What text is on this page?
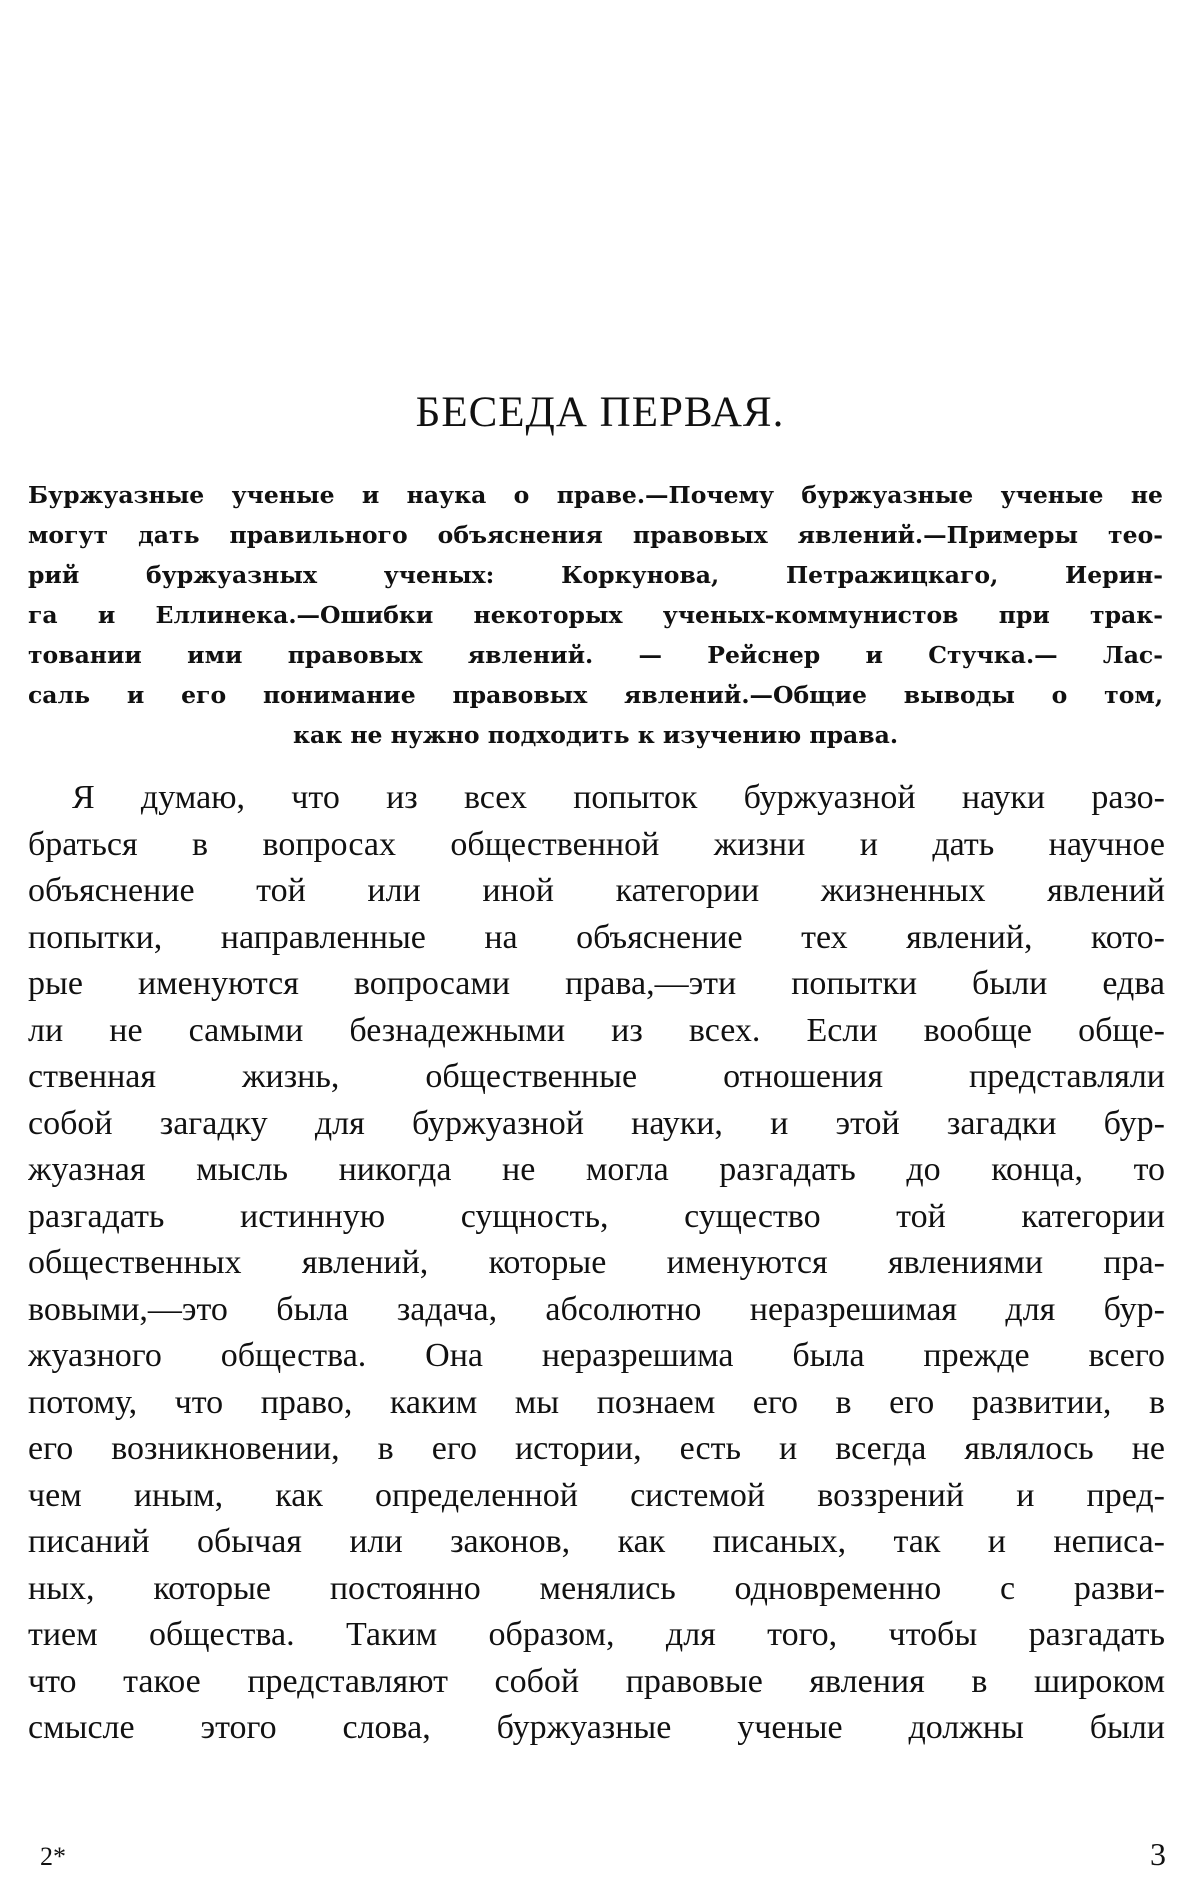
БЕСЕДА ПЕРВАЯ.
Буржуазные ученые и наука о праве.—Почему буржуазные ученые не
могут дать правильного объяснения правовых явлений.—Примеры тео-
рий буржуазных ученых: Коркунова, Петражицкаго, Иерин-
га и Еллинека.—Ошибки некоторых ученых-коммунистов при трак-
товании ими правовых явлений. — Рейснер и Стучка.— Лас-
саль и его понимание правовых явлений.—Общие выводы о том,
как не нужно подходить к изучению права.
Я думаю, что из всех попыток буржуазной науки разо-
браться в вопросах общественной жизни и дать научное
объяснение той или иной категории жизненных явлений
попытки, направленные на объяснение тех явлений, кото-
рые именуются вопросами права,—эти попытки были едва
ли не самыми безнадежными из всех. Если вообще обще-
ственная жизнь, общественные отношения представляли
собой загадку для буржуазной науки, и этой загадки бур-
жуазная мысль никогда не могла разгадать до конца, то
разгадать истинную сущность, существо той категории
общественных явлений, которые именуются явлениями пра-
вовыми,—это была задача, абсолютно неразрешимая для бур-
жуазного общества. Она неразрешима была прежде всего
потому, что право, каким мы познаем его в его развитии, в
его возникновении, в его истории, есть и всегда являлось не
чем иным, как определенной системой воззрений и пред-
писаний обычая или законов, как писаных, так и неписа-
ных, которые постоянно менялись одновременно с разви-
тием общества. Таким образом, для того, чтобы разгадать
что такое представляют собой правовые явления в широком
смысле этого слова, буржуазные ученые должны были

2*	3
